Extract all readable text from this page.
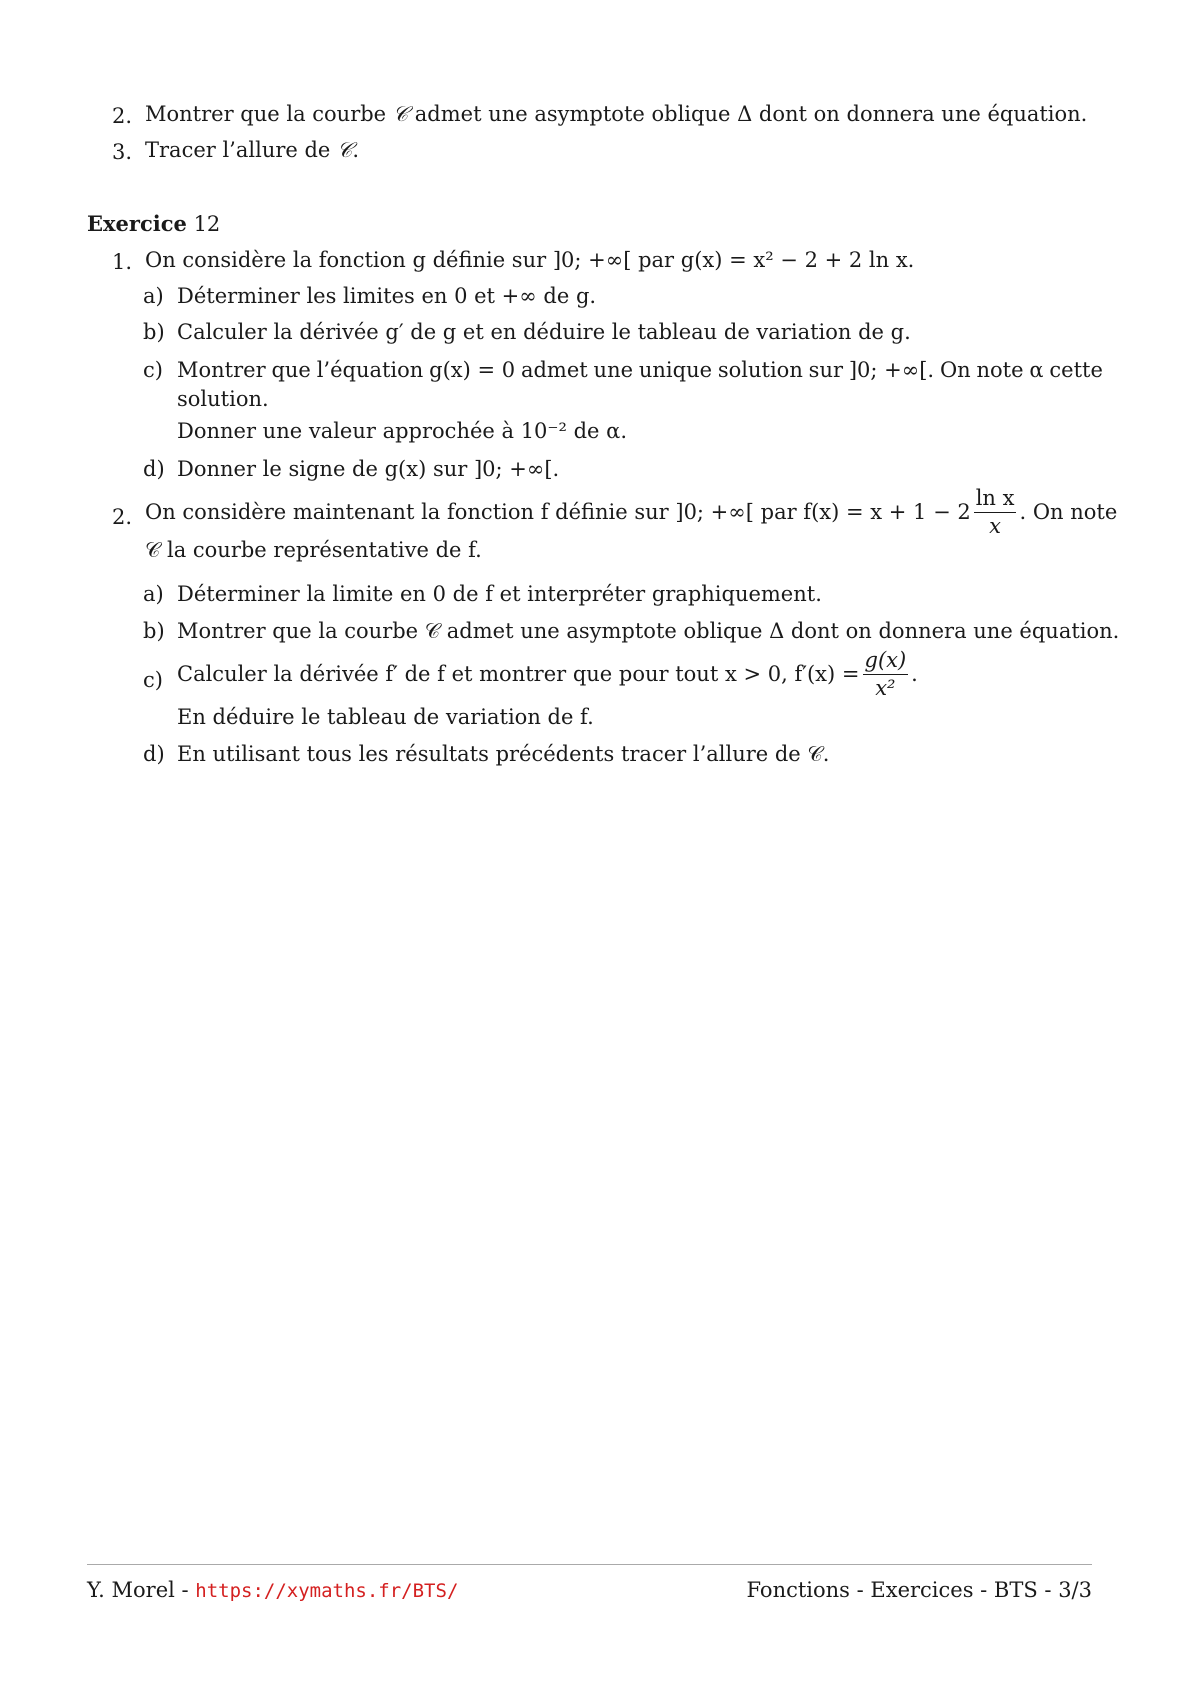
2. Montrer que la courbe 𝒞 admet une asymptote oblique Δ dont on donnera une équation.
3. Tracer l’allure de 𝒞.
Exercice 12
1. On considère la fonction g définie sur ]0; +∞[ par g(x) = x² − 2 + 2 ln x.
a) Déterminer les limites en 0 et +∞ de g.
b) Calculer la dérivée g′ de g et en déduire le tableau de variation de g.
c) Montrer que l’équation g(x) = 0 admet une unique solution sur ]0; +∞[. On note α cette
solution.
Donner une valeur approchée à 10⁻² de α.
d) Donner le signe de g(x) sur ]0; +∞[.
2. On considère maintenant la fonction f définie sur ]0; +∞[ par $f(x) = x + 1 - 2 \frac{\text{ln x}}{x}$ . On note
𝒞 la courbe représentative de f.
a) Déterminer la limite en 0 de f et interpréter graphiquement.
b) Montrer que la courbe 𝒞 admet une asymptote oblique Δ dont on donnera une équation.
c) Calculer la dérivée f′ de f et montrer que pour tout x > 0, $f'(x) = \frac{g(x)}{\text{x²}}$ .
En déduire le tableau de variation de f.
d) En utilisant tous les résultats précédents tracer l’allure de 𝒞.
Y. Morel - https://xymaths.fr/BTS/	Fonctions - Exercices - BTS - 3/3
